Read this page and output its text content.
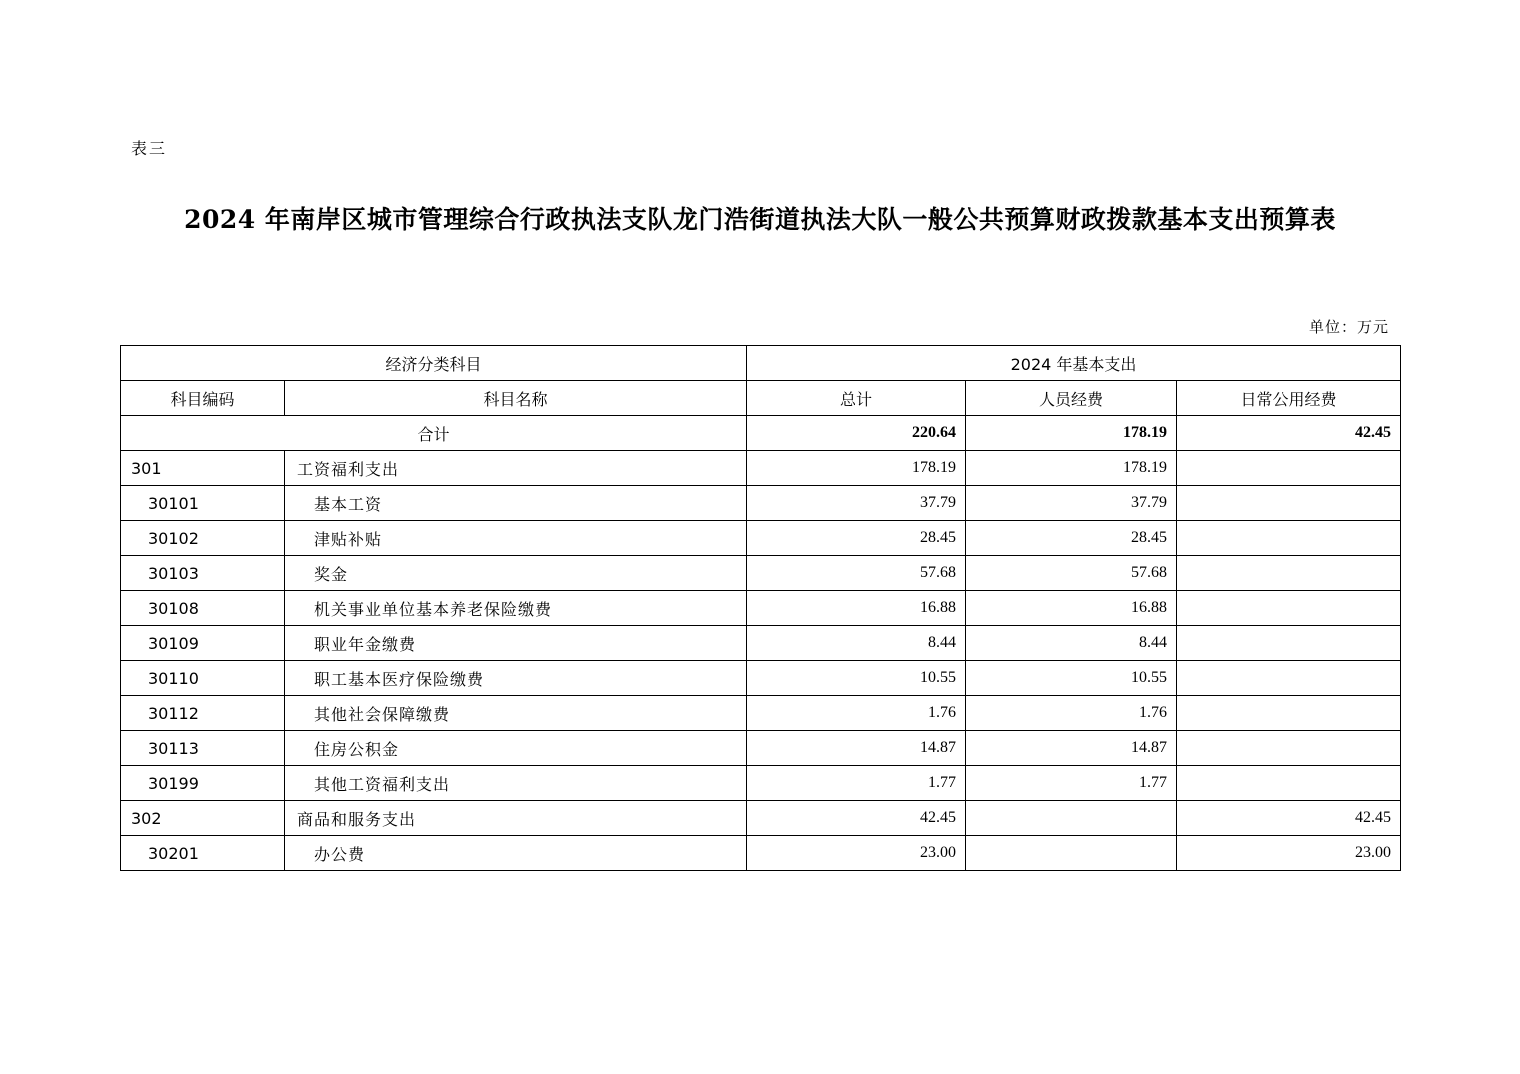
表三
2024 年南岸区城市管理综合行政执法支队龙门浩街道执法大队一般公共预算财政拨款基本支出预算表
单位：万元
经济分类科目		2024 年基本支出		
科目编码	科目名称	总计	人员经费	日常公用经费
合计		220.64	178.19	42.45
301	工资福利支出	178.19	178.19	
30101	基本工资	37.79	37.79	
30102	津贴补贴	28.45	28.45	
30103	奖金	57.68	57.68	
30108	机关事业单位基本养老保险缴费	16.88	16.88	
30109	职业年金缴费	8.44	8.44	
30110	职工基本医疗保险缴费	10.55	10.55	
30112	其他社会保障缴费	1.76	1.76	
30113	住房公积金	14.87	14.87	
30199	其他工资福利支出	1.77	1.77	
302	商品和服务支出	42.45		42.45
30201	办公费	23.00		23.00
